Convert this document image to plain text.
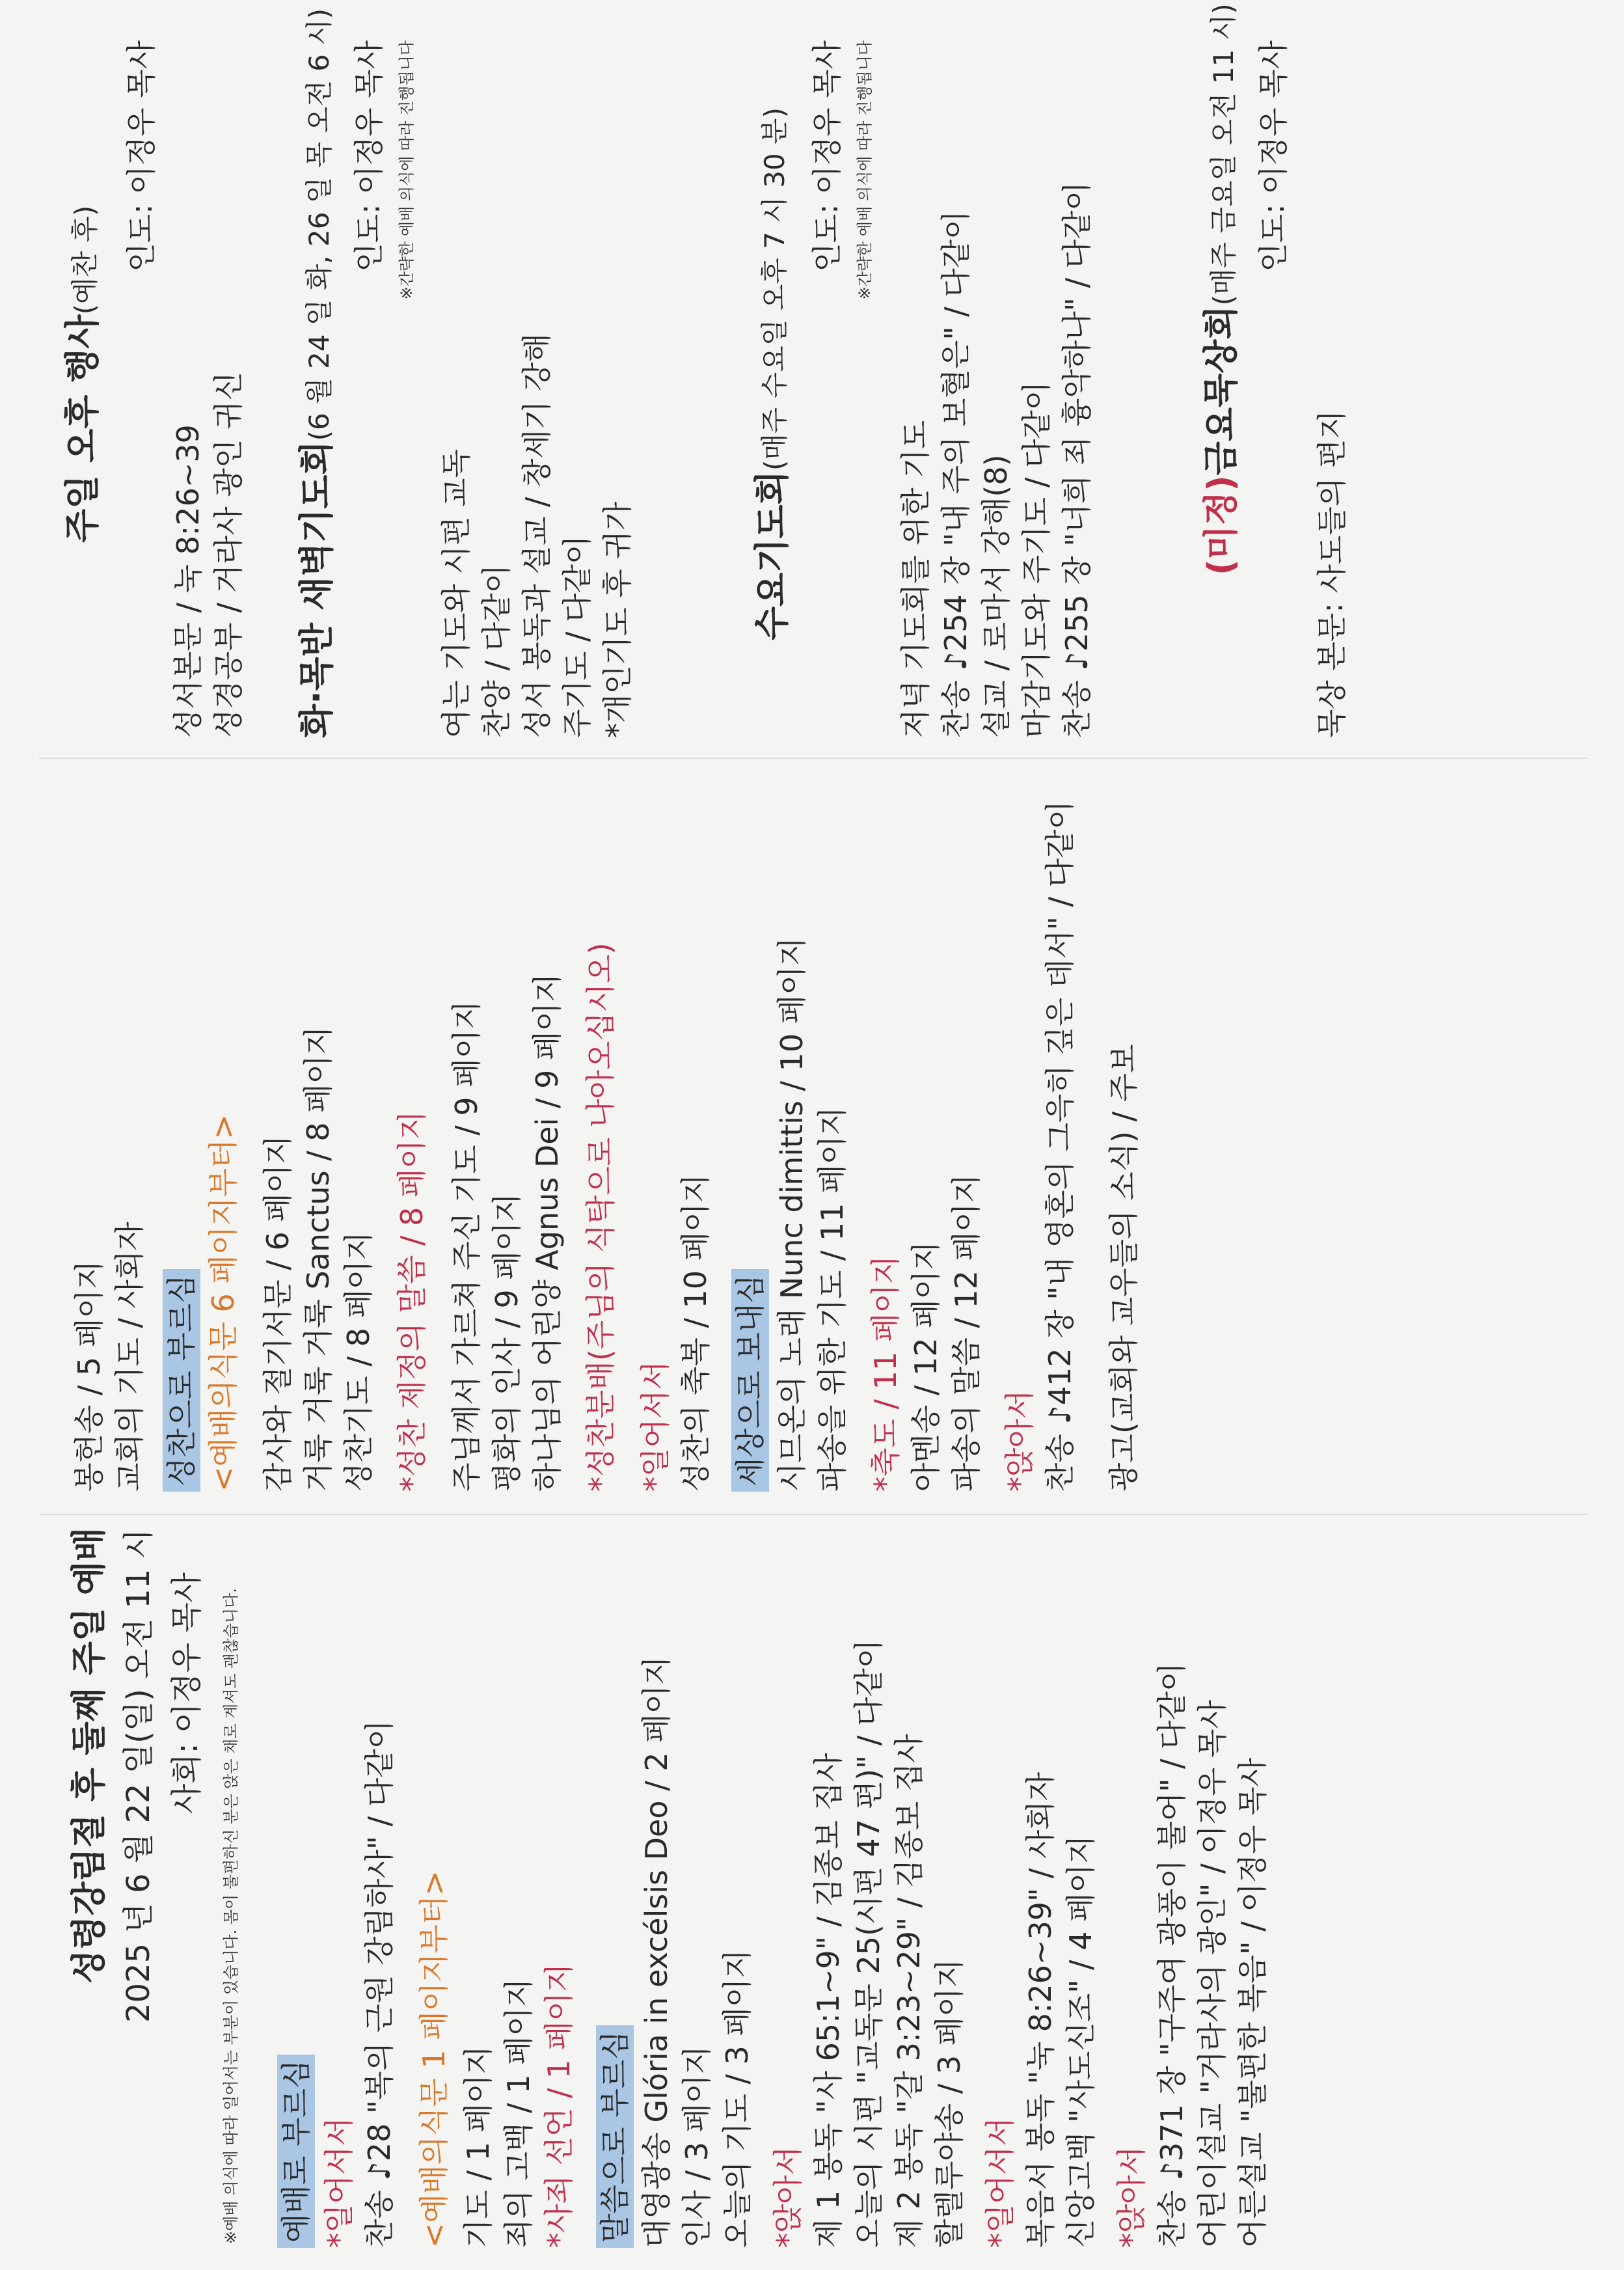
성령강림절 후 둘째 주일 예배 2025 년 6 월 22 일(일) 오전 11 시 사회: 이정우 목사 ※예배 의식에 따라 일어서는 부분이 있습니다. 몸이 불편하신 분은 앉은 채로 계셔도 괜찮습니다. 예배로 부르심 *일어서서 찬송 ♪28 "복의 근원 강림하사" / 다같이 <예배의식문 1 페이지부터> 기도 / 1 페이지 죄의 고백 / 1 페이지 *사죄 선언 / 1 페이지 말씀으로 부르심 대영광송 Glória in excélsis Deo / 2 페이지 인사 / 3 페이지 오늘의 기도 / 3 페이지 *앉아서 제 1 봉독 "사 65:1~9" / 김종보 집사 오늘의 시편 "교독문 25(시편 47 편)" / 다같이 제 2 봉독 "갈 3:23~29" / 김종보 집사 할렐루야송 / 3 페이지 *일어서서 복음서 봉독 "눅 8:26~39" / 사회자 신앙고백 "사도신조" / 4 페이지 *앉아서 찬송 ♪371 장 "구주여 광풍이 불어" / 다같이 어린이설교 "거라사의 광인" / 이정우 목사 어른설교 "불편한 복음" / 이정우 목사
봉헌송 / 5 페이지 교회의 기도 / 사회자 성찬으로 부르심 <예배의식문 6 페이지부터> 감사와 절기서문 / 6 페이지 거룩 거룩 거룩 Sanctus / 8 페이지 성찬기도 / 8 페이지 *성찬 제정의 말씀 / 8 페이지 주님께서 가르쳐 주신 기도 / 9 페이지 평화의 인사 / 9 페이지 하나님의 어린양 Agnus Dei / 9 페이지 *성찬분배(주님의 식탁으로 나아오십시오) *일어서서 성찬의 축복 / 10 페이지 세상으로 보내심 시므온의 노래 Nunc dimittis / 10 페이지 파송을 위한 기도 / 11 페이지 *축도 / 11 페이지 아멘송 / 12 페이지 파송의 말씀 / 12 페이지 *앉아서 찬송 ♪412 장 "내 영혼의 그윽히 깊은 데서" / 다같이 광고(교회와 교우들의 소식) / 주보
주일 오후 행사(예찬 후) 인도: 이정우 목사
성서본문 / 눅 8:26~39 성경공부 / 거라사 광인 귀신 화·목반 새벽기도회(6 월 24 일 화, 26 일 목 오전 6 시) 인도: 이정우 목사 ※간략한 예배 의식에 따라 진행됩니다
여는 기도와 시편 교독 찬양 / 다같이 성서 봉독과 설교 / 창세기 강해 주기도 / 다같이 *개인기도 후 귀가	수요기도회(매주 수요일 오후 7 시 30 분) 인도: 이정우 목사 ※간략한 예배 의식에 따라 진행됩니다
저녁 기도회를 위한 기도 찬송 ♪254 장 "내 주의 보혈은" / 다같이 설교 / 로마서 강해(8) 마감기도와 주기도 / 다같이 찬송 ♪255 장 "너희 죄 흉악하나" / 다같이	(미정)금요묵상회(매주 금요일 오전 11 시) 인도: 이정우 목사
묵상 본문: 사도들의 편지
